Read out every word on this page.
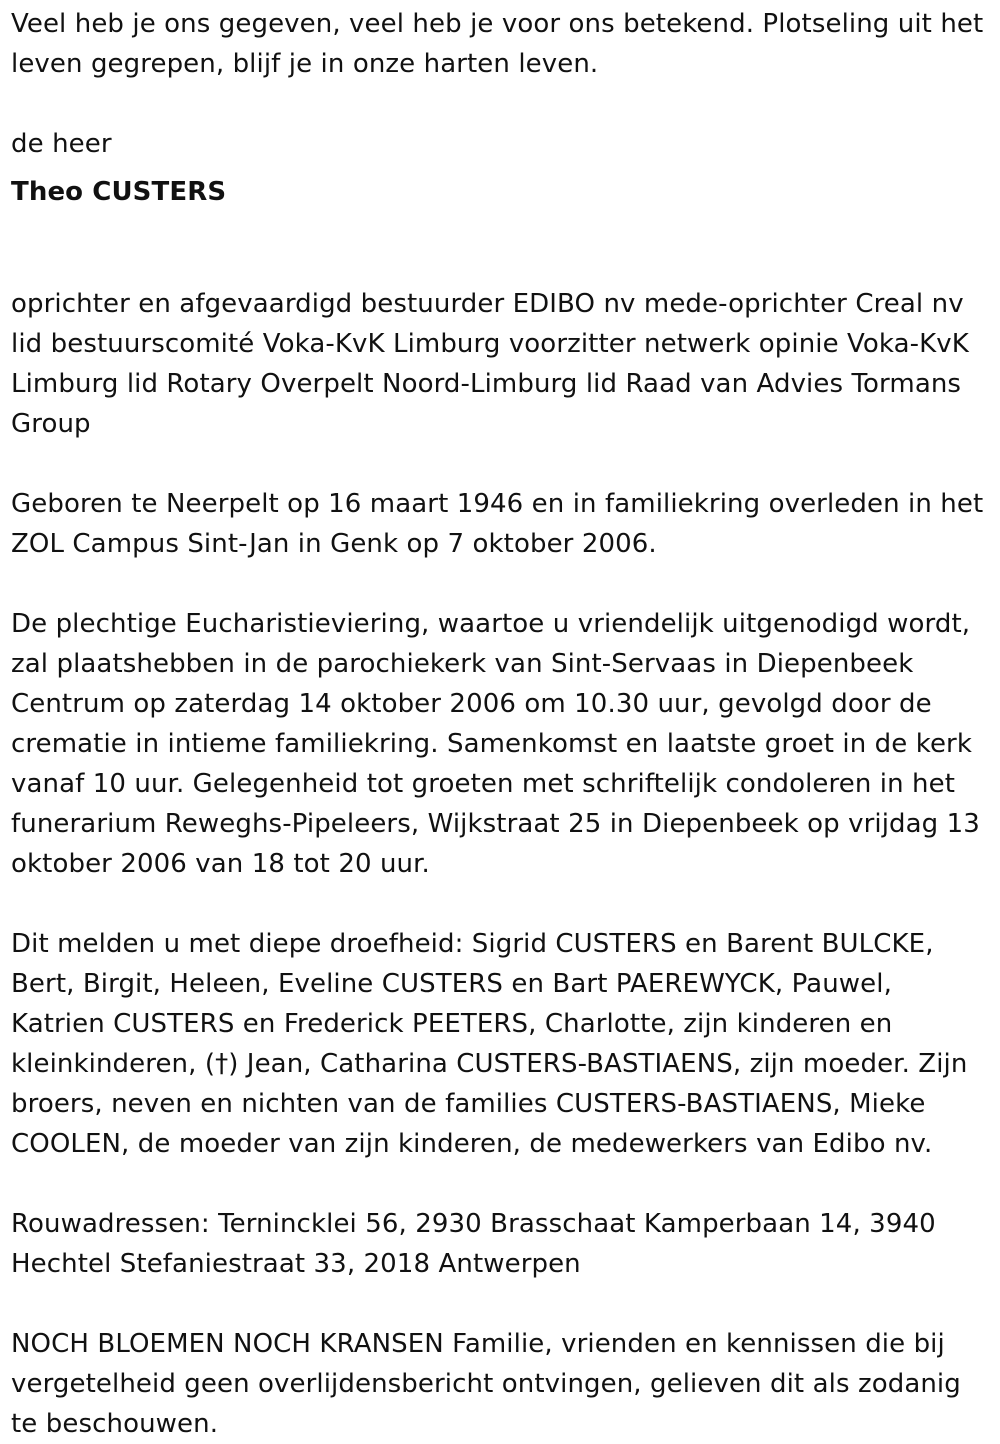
Veel heb je ons gegeven, veel heb je voor ons betekend. Plotseling uit het leven gegrepen, blijf je in onze harten leven.

de heer

Theo CUSTERS

oprichter en afgevaardigd bestuurder EDIBO nv mede-oprichter Creal nv lid bestuurscomité Voka-KvK Limburg voorzitter netwerk opinie Voka-KvK Limburg lid Rotary Overpelt Noord-Limburg lid Raad van Advies Tormans Group

Geboren te Neerpelt op 16 maart 1946 en in familiekring overleden in het ZOL Campus Sint-Jan in Genk op 7 oktober 2006.

De plechtige Eucharistieviering, waartoe u vriendelijk uitgenodigd wordt, zal plaatshebben in de parochiekerk van Sint-Servaas in Diepenbeek Centrum op zaterdag 14 oktober 2006 om 10.30 uur, gevolgd door de crematie in intieme familiekring. Samenkomst en laatste groet in de kerk vanaf 10 uur. Gelegenheid tot groeten met schriftelijk condoleren in het funerarium Reweghs-Pipeleers, Wijkstraat 25 in Diepenbeek op vrijdag 13 oktober 2006 van 18 tot 20 uur.

Dit melden u met diepe droefheid: Sigrid CUSTERS en Barent BULCKE, Bert, Birgit, Heleen, Eveline CUSTERS en Bart PAEREWYCK, Pauwel, Katrien CUSTERS en Frederick PEETERS, Charlotte, zijn kinderen en kleinkinderen, (†) Jean, Catharina CUSTERS-BASTIAENS, zijn moeder. Zijn broers, neven en nichten van de families CUSTERS-BASTIAENS, Mieke COOLEN, de moeder van zijn kinderen, de medewerkers van Edibo nv.

Rouwadressen: Ternincklei 56, 2930 Brasschaat Kamperbaan 14, 3940 Hechtel Stefaniestraat 33, 2018 Antwerpen

NOCH BLOEMEN NOCH KRANSEN Familie, vrienden en kennissen die bij vergetelheid geen overlijdensbericht ontvingen, gelieven dit als zodanig te beschouwen.
